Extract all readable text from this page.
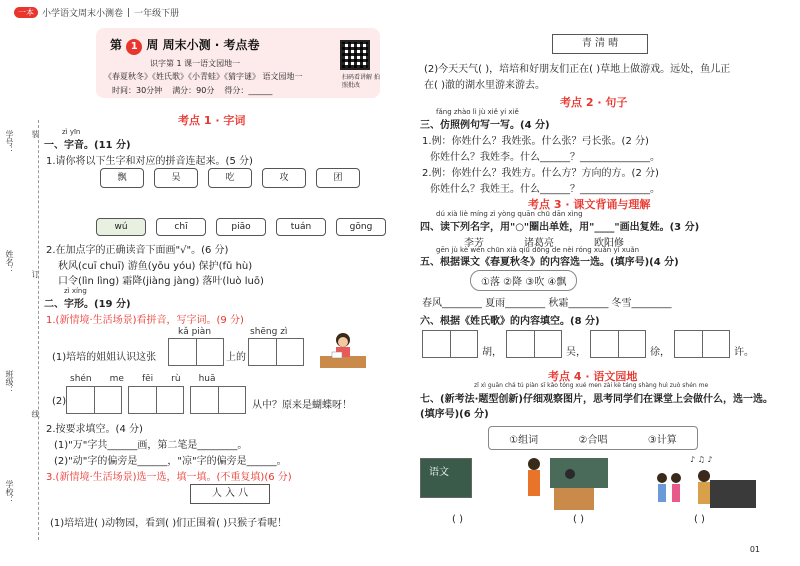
一本 小学语文周末小测卷 | 一年级下册
第 1 周 周末小测 · 考点卷
识字第 1 课一语文园地一
《春夏秋冬》《姓氏歌》《小青蛙》《猜字谜》 语文园地一
时间：30分钟 满分：90分 得分：______
扫码看讲解 拍照批改
学号：
姓名：
班级：
学校：
装
订
线
考点 1 · 字词
zì yīn
一、字音。(11 分)
1.请你将以下生字和对应的拼音连起来。(5 分)
飘	吴	吃	攻	团
wú	chī	piāo	tuán	gōng
2.在加点字的正确读音下面画"√"。(6 分)
秋风(cuī chuī) 游鱼(yōu yóu) 保护(fǔ hù)
口令(lìn lìng) 霜降(jiàng jàng) 落叶(luò luō)
zì xíng
二、字形。(19 分)
1.(新情境·生活场景)看拼音，写字词。(9 分)
kǎ piàn	shēng zì
(1)培培的姐姐认识这张	上的
shén me fēi rù huā
(2)	从中？原来是蝴蝶呀！
2.按要求填空。(4 分)
(1)"万"字共______画，第二笔是________。
(2)"动"字的偏旁是______，"凉"字的偏旁是______。
3.(新情境·生活场景)选一选，填一填。(不重复填)(6 分)
人 入 八
(1)培培进( )动物园，看到( )们正围着( )只猴子看呢！
青 清 晴
(2)今天天气( )，培培和好朋友们正在( )草地上做游戏。远处，鱼儿正
在( )澈的湖水里游来游去。
考点 2 · 句子
fǎng zhào lì jù xiě yi xiě
三、仿照例句写一写。(4 分)
1.例：你姓什么？我姓张。什么张？弓长张。(2 分)
你姓什么？我姓李。什么______？______________。
2.例：你姓什么？我姓方。什么方？方向的方。(2 分)
你姓什么？我姓王。什么______？______________。
考点 3 · 课文背诵与理解
dú xià liè míng zì yòng quān chū dān xìng
四、读下列名字，用"○"圈出单姓，用"____"画出复姓。(3 分)
李芳	诸葛亮	欧阳修
gēn jù kè wén chūn xià qiū dōng de nèi róng xuǎn yì xuǎn
五、根据课文《春夏秋冬》的内容选一选。(填序号)(4 分)
①落 ②降 ③吹 ④飘
春风________ 夏雨________ 秋霜________ 冬雪________
六、根据《姓氏歌》的内容填空。(8 分)
胡，	吴，	徐，	许。
考点 4 · 语文园地
zǐ xì guān chá tú piàn sī kǎo tóng xué men zài kè táng shàng huì zuò shén me
七、(新考法·题型创新)仔细观察图片，思考同学们在课堂上会做什么，选一选。(填序号)(6 分)
①组词	②合唱	③计算
语文
♪ ♫ ♪
( )	( )	( )
01
